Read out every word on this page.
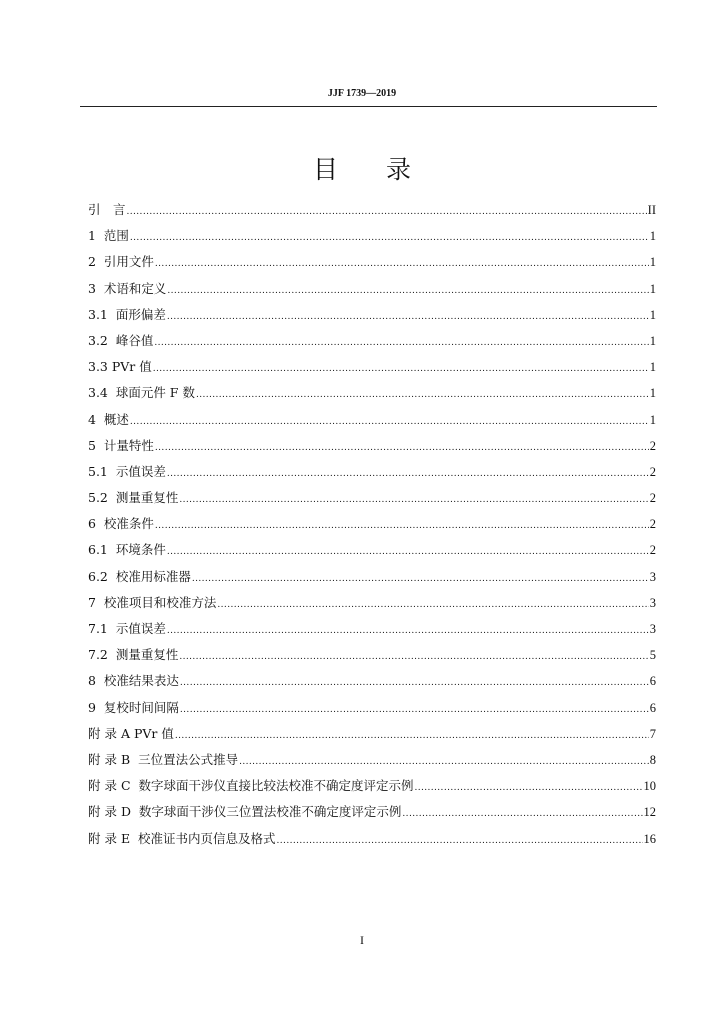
JJF 1739—2019
目录
引　言 .....	II
1  范围 .....	1
2  引用文件 .....	1
3  术语和定义 .....	1
3.1  面形偏差 .....	1
3.2  峰谷值 .....	1
3.3 PVr 值 .....	1
3.4  球面元件 F 数 .....	1
4  概述 .....	1
5  计量特性 .....	2
5.1  示值误差 .....	2
5.2  测量重复性 .....	2
6  校准条件 .....	2
6.1  环境条件 .....	2
6.2  校准用标准器 .....	3
7  校准项目和校准方法 .....	3
7.1  示值误差 .....	3
7.2  测量重复性 .....	5
8  校准结果表达 .....	6
9  复校时间间隔 .....	6
附 录 A PVr 值 .....	7
附 录 B  三位置法公式推导 .....	8
附 录 C  数字球面干涉仪直接比较法校准不确定度评定示例 .....	10
附 录 D  数字球面干涉仪三位置法校准不确定度评定示例 .....	12
附 录 E  校准证书内页信息及格式 .....	16
I
